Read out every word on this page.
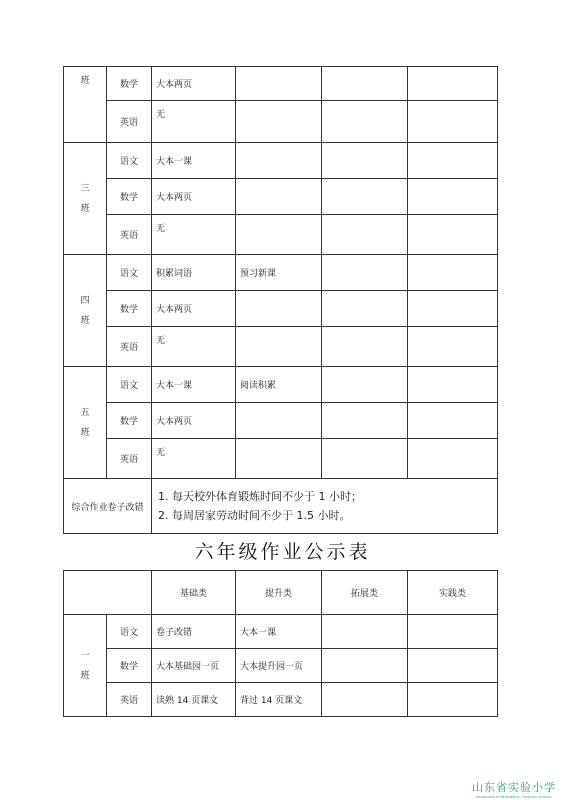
班	数学	大本两页			
	英语	无			
三
班	语文	大本一课			
	数学	大本两页			
	英语	无			
四
班	语文	积累词语	预习新课		
	数学	大本两页			
	英语	无			
五
班	语文	大本一课	阅读积累		
	数学	大本两页			
	英语	无			
综合作业卷子改错		1. 每天校外体育锻炼时间不少于 1 小时；
2. 每周居家劳动时间不少于 1.5 小时。			
六年级作业公示表
		基础类	提升类	拓展类	实践类
一
班	语文	卷子改错	大本一课		
	数学	大本基础园一页	大本提升园一页		
	英语	读熟 14 页课文	背过 14 页课文		
山东省实验小学
SHANDONG EXPERIMENTAL PRIMARY SCHOOL
